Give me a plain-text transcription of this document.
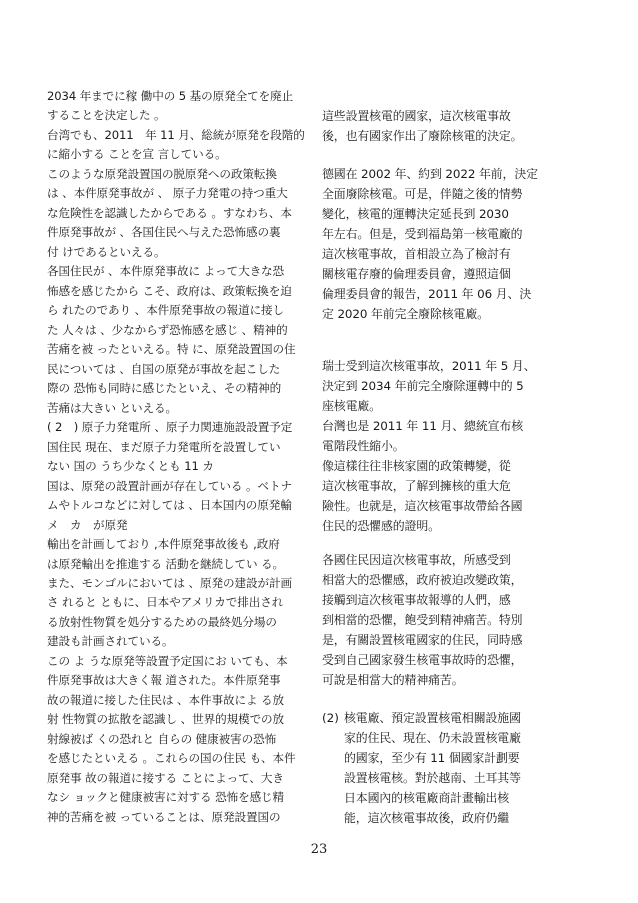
2034 年までに稼 働中の 5 基の原発全てを廃止
することを決定した 。
台湾でも、2011　年 11 月、総統が原発を段階的
に縮小する ことを宣 言している。
このような原発設置国の脱原発への政策転換
は 、本件原発事故が 、 原子力発電の持つ重大
な危険性を認識したからである 。すなわち、本
件原発事故が 、各国住民へ与えた恐怖感の裏
付 けであるといえる。
各国住民が 、本件原発事故に よって大きな恐
怖感を感じたから こそ、政府は、政策転換を迫
ら れたのであり 、本件原発事故の報道に接し
た 人々は 、少なからず恐怖感を感じ 、精神的
苦痛を被 ったといえる。特 に、原発設置国の住
民については 、自国の原発が事故を起こした
際の 恐怖も同時に感じたといえ、その精神的
苦痛は大きい といえる。
( 2　) 原子力発電所 、原子力関連施設設置予定
国住民 現在、まだ原子力発電所を設置してい
ない 国の うち少なくとも 11 カ
国は、原発の設置計画が存在している 。ベトナ
ムやトルコなどに対しては 、日本国内の原発輸
メ　カ　が原発
輸出を計画しており ,本件原発事故後も ,政府
は原発輸出を推進する 活動を継続してい る。
また、モンゴルにおいては 、原発の建設が計画
さ れると ともに、日本やアメリカで排出され
る放射性物質を処分するための最終処分場の
建設も計画されている。
この よ うな原発等設置予定国にお いても、本
件原発事故は大きく報 道された。本件原発事
故の報道に接した住民は 、本件事故によ る放
射 性物質の拡散を認識し 、世界的規模での放
射線被ば くの恐れと 自らの 健康被害の恐怖
を感じたといえる 。これらの国の住民 も、本件
原発事 故の報道に接する ことによって、大き
なシ ョックと健康被害に対する 恐怖を感じ精
神的苦痛を被 っていることは、原発設置国の
這些設置核電的國家，這次核電事故
後，也有國家作出了廢除核電的決定。
德國在 2002 年、約到 2022 年前，決定
全面廢除核電。可是，伴隨之後的情勢
變化，核電的運轉決定延長到 2030
年左右。但是，受到福島第一核電廠的
這次核電事故，首相設立為了檢討有
關核電存廢的倫理委員會，遵照這個
倫理委員會的報告，2011 年 06 月、決
定 2020 年前完全廢除核電廠。
瑞士受到這次核電事故，2011 年 5 月、
決定到 2034 年前完全廢除運轉中的 5
座核電廠。
台灣也是 2011 年 11 月、總統宣布核
電階段性縮小。
像這樣往往非核家園的政策轉變，從
這次核電事故，了解到擁核的重大危
險性。也就是，這次核電事故帶給各國
住民的恐懼感的證明。
各國住民因這次核電事故，所感受到
相當大的恐懼感，政府被迫改變政策，
接觸到這次核電事故報導的人們，感
到相當的恐懼，飽受到精神痛苦。特別
是，有關設置核電國家的住民，同時感
受到自己國家發生核電事故時的恐懼，
可說是相當大的精神痛苦。
(2) 核電廠、預定設置核電相關設施國
家的住民、現在、仍未設置核電廠
的國家，至少有 11 個國家計劃要
設置核電核。對於越南、土耳其等
日本國內的核電廠商計畫輸出核
能，這次核電事故後，政府仍繼
23
